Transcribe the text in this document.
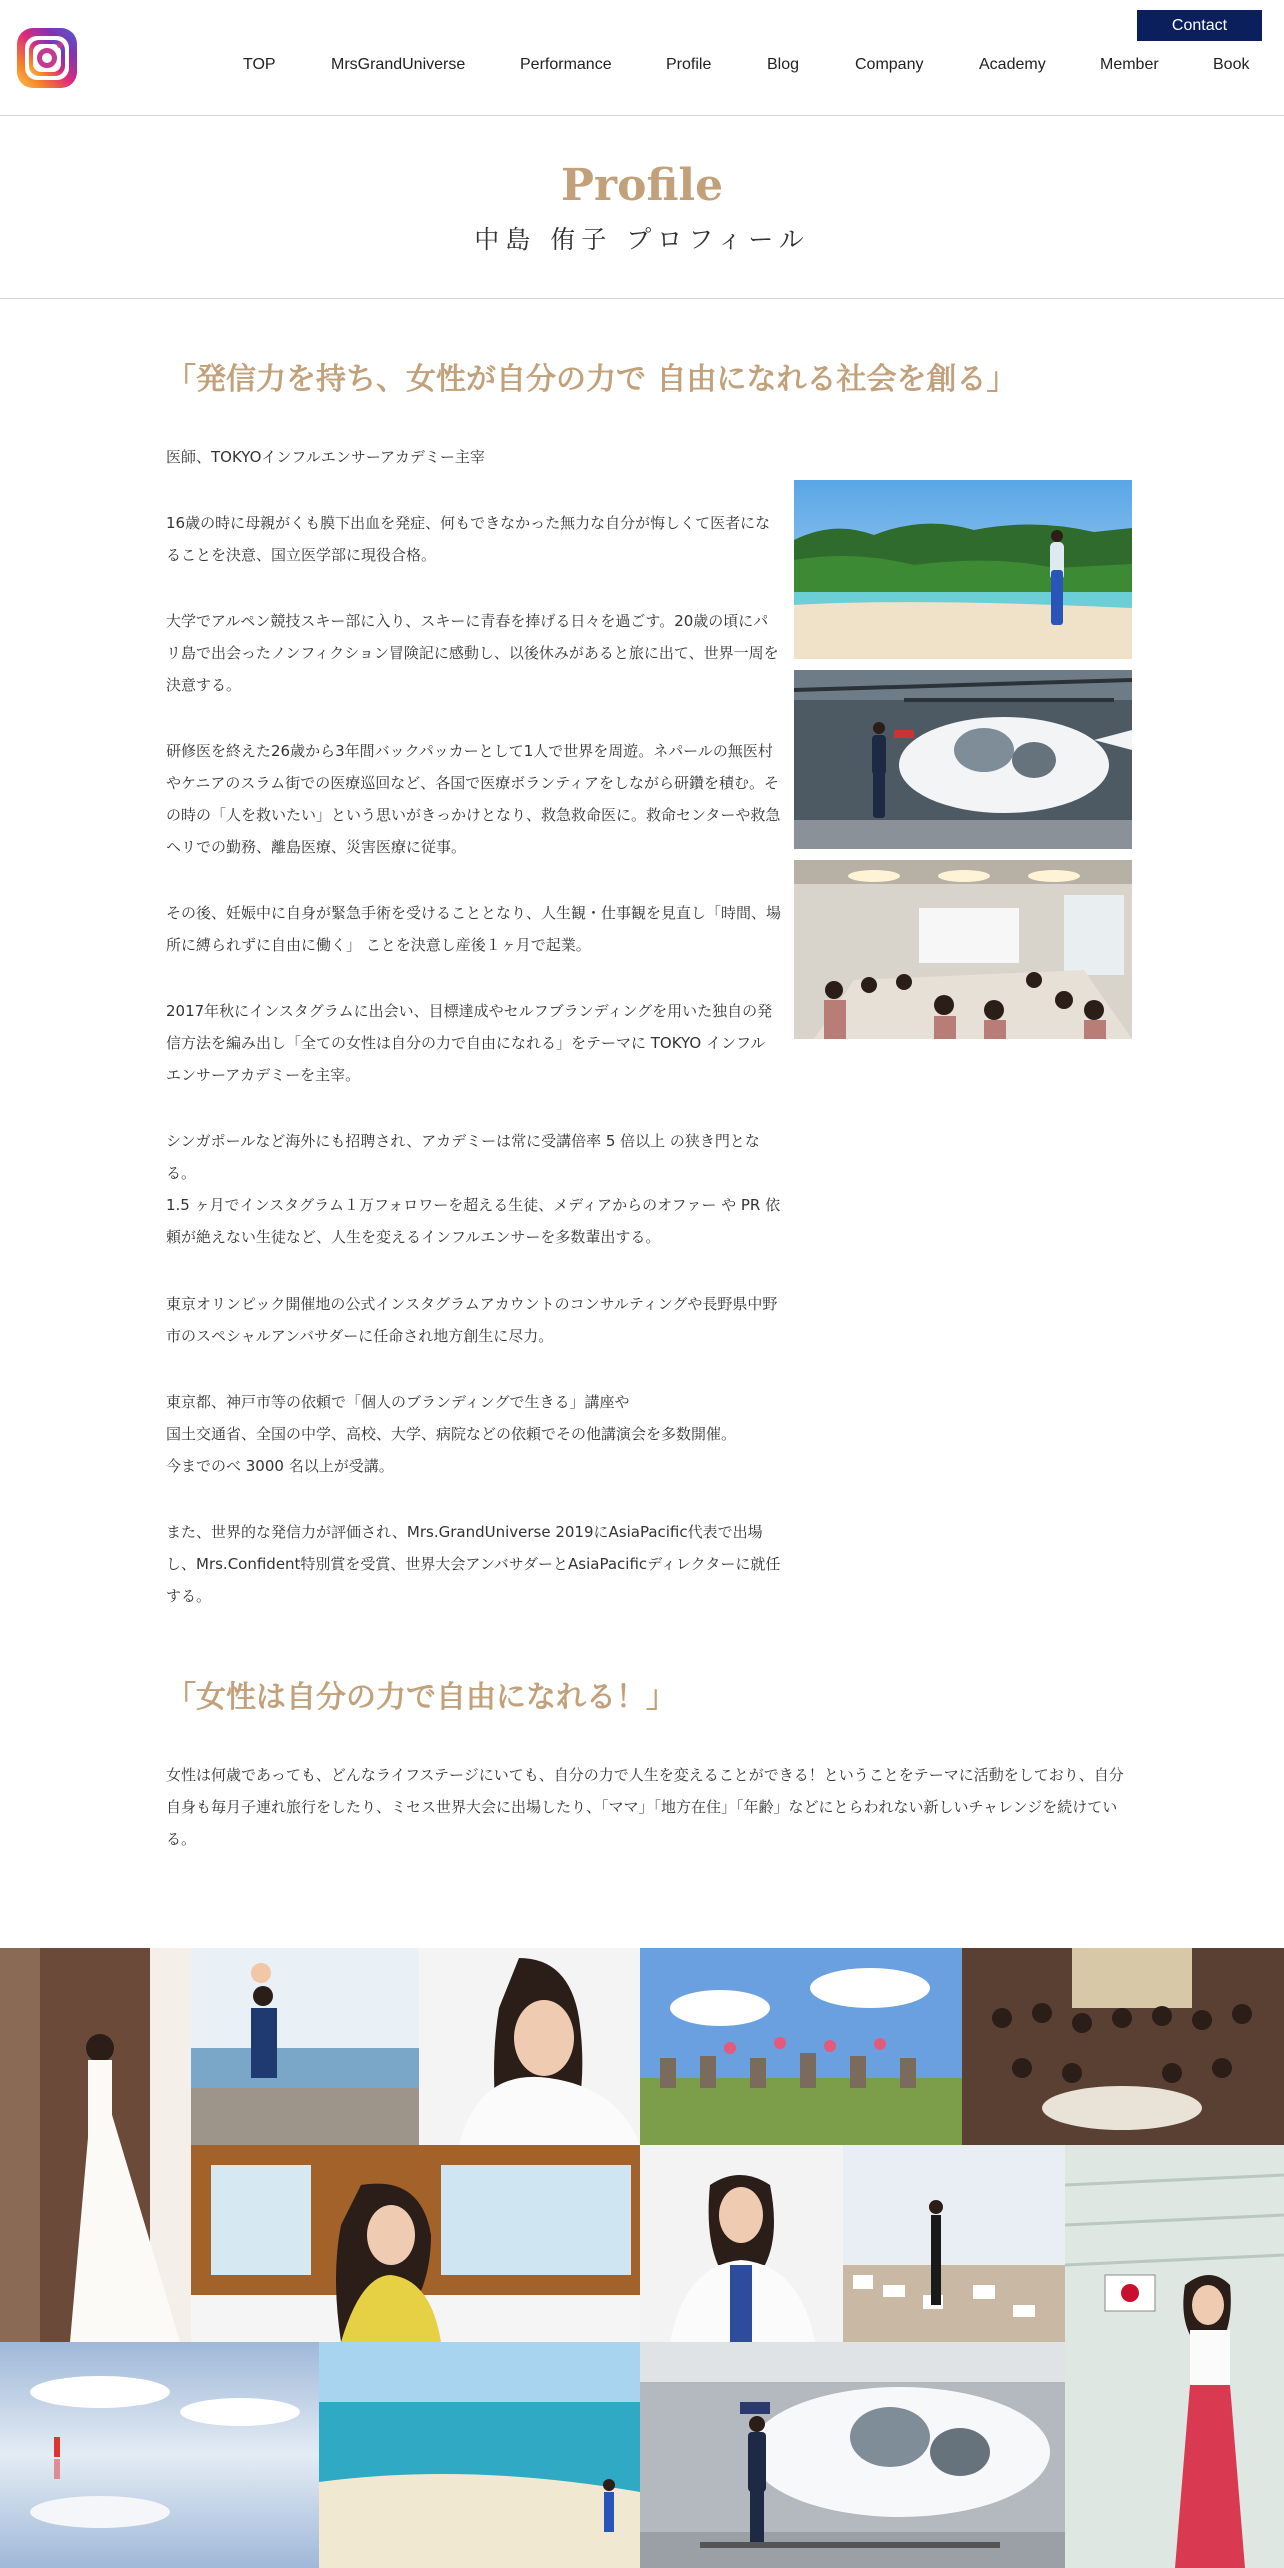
Contact
TOP	MrsGrandUniverse	Performance	Profile	Blog	Company	Academy	Member	Book
Profile
中島 侑子 プロフィール
「発信力を持ち、女性が自分の力で 自由になれる社会を創る」
医師、TOKYOインフルエンサーアカデミー主宰
16歳の時に母親がくも膜下出血を発症、何もできなかった無力な自分が悔しくて医者になることを決意、国立医学部に現役合格。
大学でアルペン競技スキー部に入り、スキーに青春を捧げる日々を過ごす。20歳の頃にパリ島で出会ったノンフィクション冒険記に感動し、以後休みがあると旅に出て、世界一周を決意する。
研修医を終えた26歳から3年間バックパッカーとして1人で世界を周遊。ネパールの無医村やケニアのスラム街での医療巡回など、各国で医療ボランティアをしながら研鑽を積む。その時の「人を救いたい」という思いがきっかけとなり、救急救命医に。救命センターや救急ヘリでの勤務、離島医療、災害医療に従事。
その後、妊娠中に自身が緊急手術を受けることとなり、人生観・仕事観を見直し「時間、場所に縛られずに自由に働く」 ことを決意し産後１ヶ月で起業。
2017年秋にインスタグラムに出会い、目標達成やセルフブランディングを用いた独自の発信方法を編み出し「全ての女性は自分の力で自由になれる」をテーマに TOKYO インフル エンサーアカデミーを主宰。
シンガポールなど海外にも招聘され、アカデミーは常に受講倍率 5 倍以上 の狭き門となる。
1.5 ヶ月でインスタグラム１万フォロワーを超える生徒、メディアからのオファー や PR 依頼が絶えない生徒など、人生を変えるインフルエンサーを多数輩出する。
東京オリンピック開催地の公式インスタグラムアカウントのコンサルティングや長野県中野市のスペシャルアンバサダーに任命され地方創生に尽力。
東京都、神戸市等の依頼で「個人のブランディングで生きる」講座や
国土交通省、全国の中学、高校、大学、病院などの依頼でその他講演会を多数開催。
今までのべ 3000 名以上が受講。
また、世界的な発信力が評価され、Mrs.GrandUniverse 2019にAsiaPacific代表で出場し、Mrs.Confident特別賞を受賞、世界大会アンバサダーとAsiaPacificディレクターに就任する。
「女性は自分の力で自由になれる！」
女性は何歳であっても、どんなライフステージにいても、自分の力で人生を変えることができる！ということをテーマに活動をしており、自分自身も毎月子連れ旅行をしたり、ミセス世界大会に出場したり、「ママ」「地方在住」「年齢」などにとらわれない新しいチャレンジを続けている。
